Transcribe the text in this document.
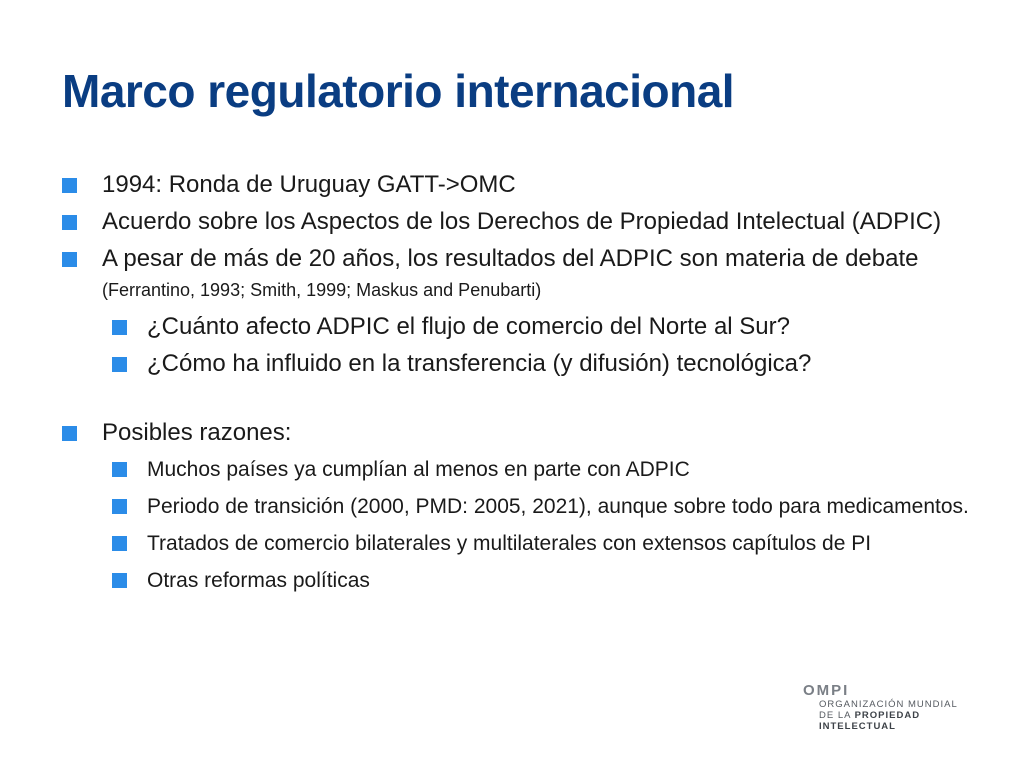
Marco regulatorio internacional
1994: Ronda de Uruguay GATT->OMC
Acuerdo sobre los Aspectos de los Derechos de Propiedad Intelectual (ADPIC)
A pesar de más de 20 años, los resultados del ADPIC son materia de debate (Ferrantino, 1993; Smith, 1999; Maskus and Penubarti)
¿Cuánto afecto ADPIC el flujo de comercio del Norte al Sur?
¿Cómo ha influido en la transferencia (y difusión) tecnológica?
Posibles razones:
Muchos países ya cumplían al menos en parte con ADPIC
Periodo de transición (2000, PMD: 2005, 2021), aunque sobre todo para medicamentos.
Tratados de comercio bilaterales y multilaterales con extensos capítulos de PI
Otras reformas políticas
OMPI
ORGANIZACIÓN MUNDIAL
DE LA PROPIEDAD
INTELECTUAL
